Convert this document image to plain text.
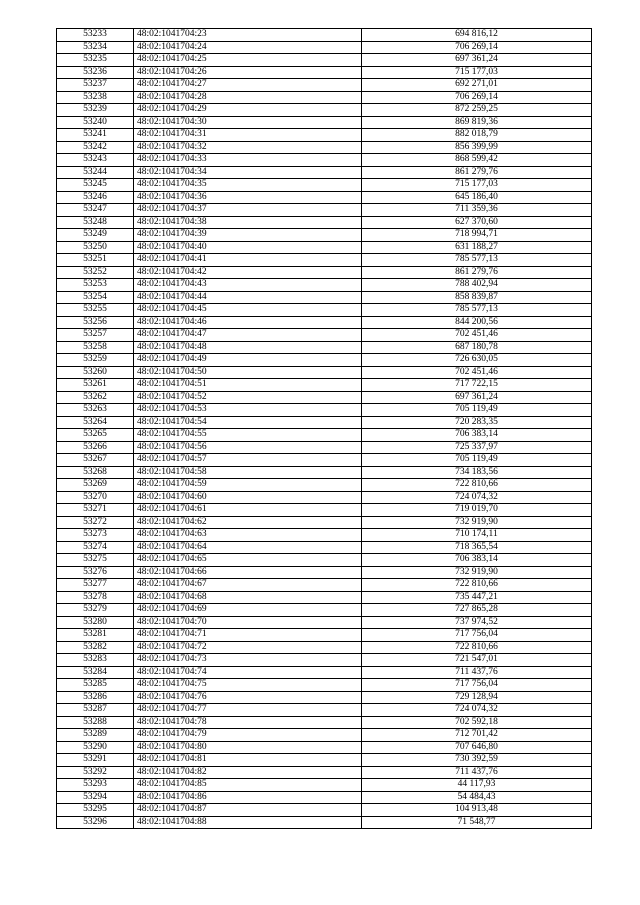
53233	48:02:1041704:23	694 816,12
53234	48:02:1041704:24	706 269,14
53235	48:02:1041704:25	697 361,24
53236	48:02:1041704:26	715 177,03
53237	48:02:1041704:27	692 271,01
53238	48:02:1041704:28	706 269,14
53239	48:02:1041704:29	872 259,25
53240	48:02:1041704:30	869 819,36
53241	48:02:1041704:31	882 018,79
53242	48:02:1041704:32	856 399,99
53243	48:02:1041704:33	868 599,42
53244	48:02:1041704:34	861 279,76
53245	48:02:1041704:35	715 177,03
53246	48:02:1041704:36	645 186,40
53247	48:02:1041704:37	711 359,36
53248	48:02:1041704:38	627 370,60
53249	48:02:1041704:39	718 994,71
53250	48:02:1041704:40	631 188,27
53251	48:02:1041704:41	785 577,13
53252	48:02:1041704:42	861 279,76
53253	48:02:1041704:43	788 402,94
53254	48:02:1041704:44	858 839,87
53255	48:02:1041704:45	785 577,13
53256	48:02:1041704:46	844 200,56
53257	48:02:1041704:47	702 451,46
53258	48:02:1041704:48	687 180,78
53259	48:02:1041704:49	726 630,05
53260	48:02:1041704:50	702 451,46
53261	48:02:1041704:51	717 722,15
53262	48:02:1041704:52	697 361,24
53263	48:02:1041704:53	705 119,49
53264	48:02:1041704:54	720 283,35
53265	48:02:1041704:55	706 383,14
53266	48:02:1041704:56	725 337,97
53267	48:02:1041704:57	705 119,49
53268	48:02:1041704:58	734 183,56
53269	48:02:1041704:59	722 810,66
53270	48:02:1041704:60	724 074,32
53271	48:02:1041704:61	719 019,70
53272	48:02:1041704:62	732 919,90
53273	48:02:1041704:63	710 174,11
53274	48:02:1041704:64	718 365,54
53275	48:02:1041704:65	706 383,14
53276	48:02:1041704:66	732 919,90
53277	48:02:1041704:67	722 810,66
53278	48:02:1041704:68	735 447,21
53279	48:02:1041704:69	727 865,28
53280	48:02:1041704:70	737 974,52
53281	48:02:1041704:71	717 756,04
53282	48:02:1041704:72	722 810,66
53283	48:02:1041704:73	721 547,01
53284	48:02:1041704:74	711 437,76
53285	48:02:1041704:75	717 756,04
53286	48:02:1041704:76	729 128,94
53287	48:02:1041704:77	724 074,32
53288	48:02:1041704:78	702 592,18
53289	48:02:1041704:79	712 701,42
53290	48:02:1041704:80	707 646,80
53291	48:02:1041704:81	730 392,59
53292	48:02:1041704:82	711 437,76
53293	48:02:1041704:85	44 117,93
53294	48:02:1041704:86	54 484,43
53295	48:02:1041704:87	104 913,48
53296	48:02:1041704:88	71 548,77
